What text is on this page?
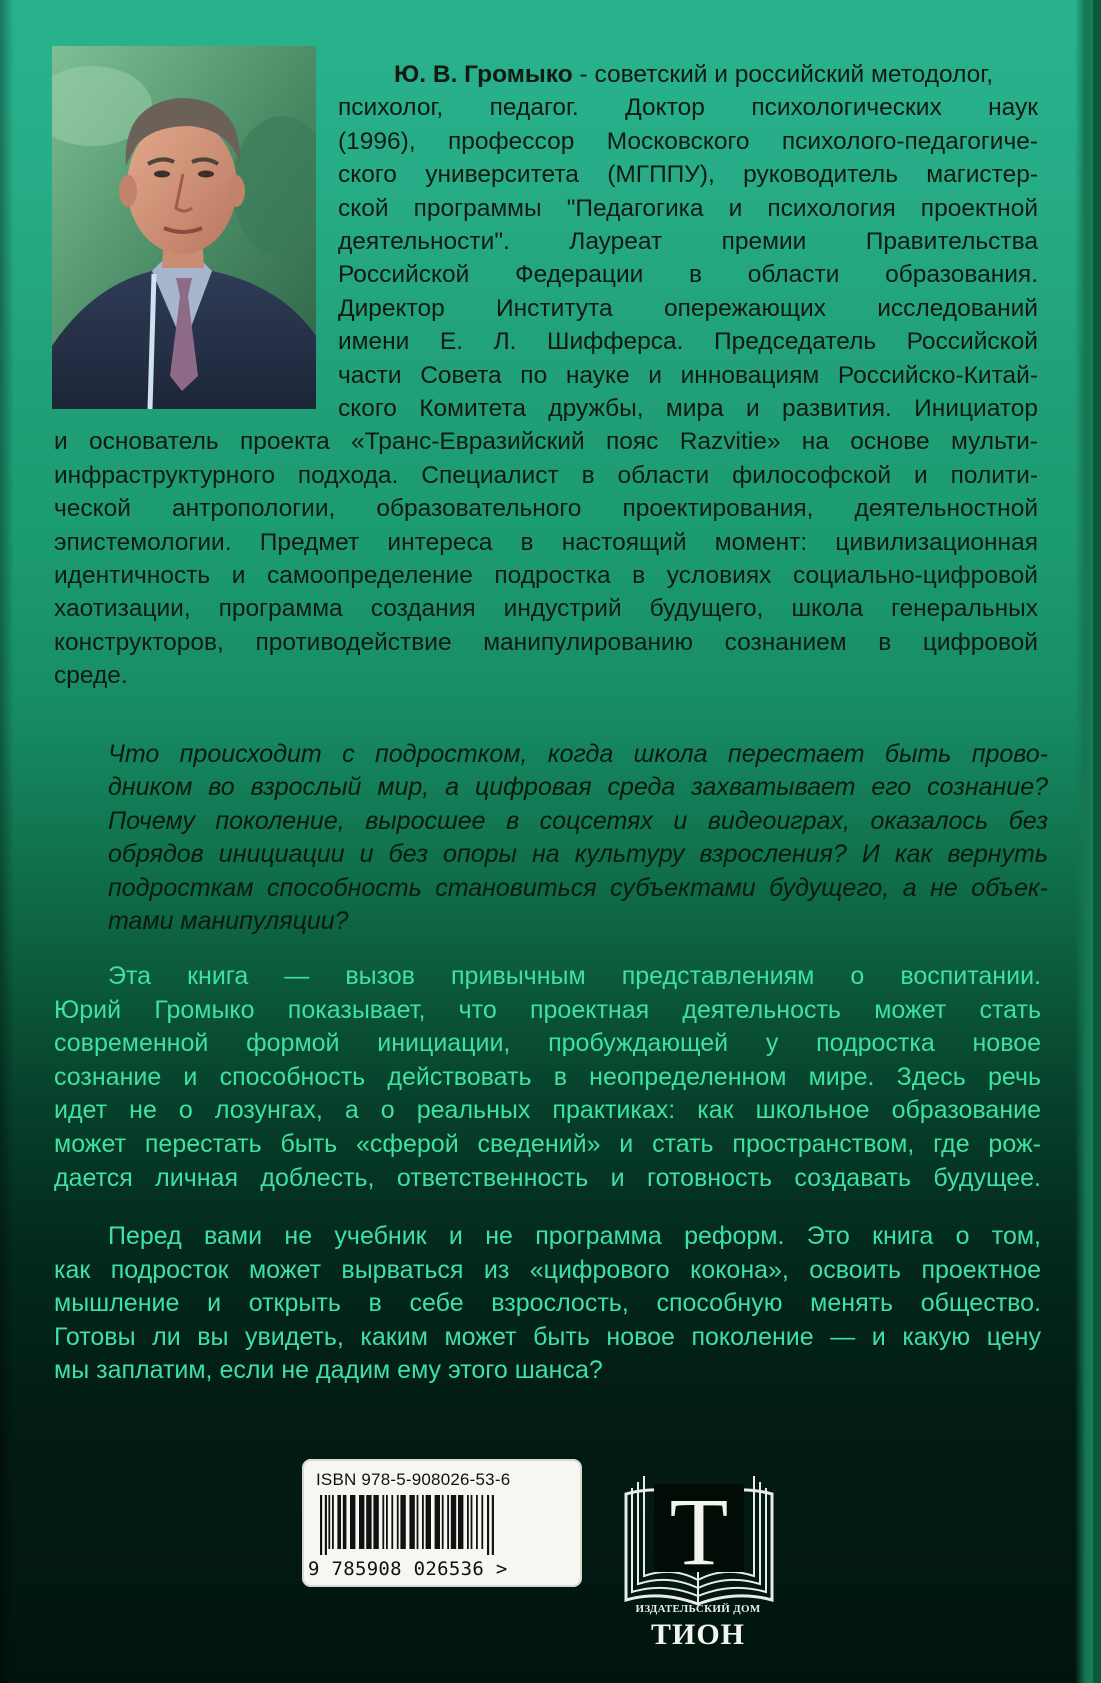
Ю. В. Громыко - советский и российский методолог,
психолог, педагог. Доктор психологических наук
(1996), профессор Московского психолого-педагогиче-
ского университета (МГППУ), руководитель магистер-
ской программы "Педагогика и психология проектной
деятельности". Лауреат премии Правительства
Российской Федерации в области образования.
Директор Института опережающих исследований
имени Е. Л. Шифферса. Председатель Российской
части Совета по науке и инновациям Российско-Китай-
ского Комитета дружбы, мира и развития. Инициатор
и основатель проекта «Транс-Евразийский пояс Razvitie» на основе мульти-
инфраструктурного подхода. Специалист в области философской и полити-
ческой антропологии, образовательного проектирования, деятельностной
эпистемологии. Предмет интереса в настоящий момент: цивилизационная
идентичность и самоопределение подростка в условиях социально-цифровой
хаотизации, программа создания индустрий будущего, школа генеральных
конструкторов, противодействие манипулированию сознанием в цифровой
среде.
Что происходит с подростком, когда школа перестает быть прово-
дником во взрослый мир, а цифровая среда захватывает его сознание?
Почему поколение, выросшее в соцсетях и видеоиграх, оказалось без
обрядов инициации и без опоры на культуру взросления? И как вернуть
подросткам способность становиться субъектами будущего, а не объек-
тами манипуляции?
Эта книга — вызов привычным представлениям о воспитании.
Юрий Громыко показывает, что проектная деятельность может стать
современной формой инициации, пробуждающей у подростка новое
сознание и способность действовать в неопределенном мире. Здесь речь
идет не о лозунгах, а о реальных практиках: как школьное образование
может перестать быть «сферой сведений» и стать пространством, где рож-
дается личная доблесть, ответственность и готовность создавать будущее.
Перед вами не учебник и не программа реформ. Это книга о том,
как подросток может вырваться из «цифрового кокона», освоить проектное
мышление и открыть в себе взрослость, способную менять общество.
Готовы ли вы увидеть, каким может быть новое поколение — и какую цену
мы заплатим, если не дадим ему этого шанса?
ISBN 978-5-908026-53-6
9 785908 026536 > Т
ИЗДАТЕЛЬСКИЙ ДОМ
ТИОН
